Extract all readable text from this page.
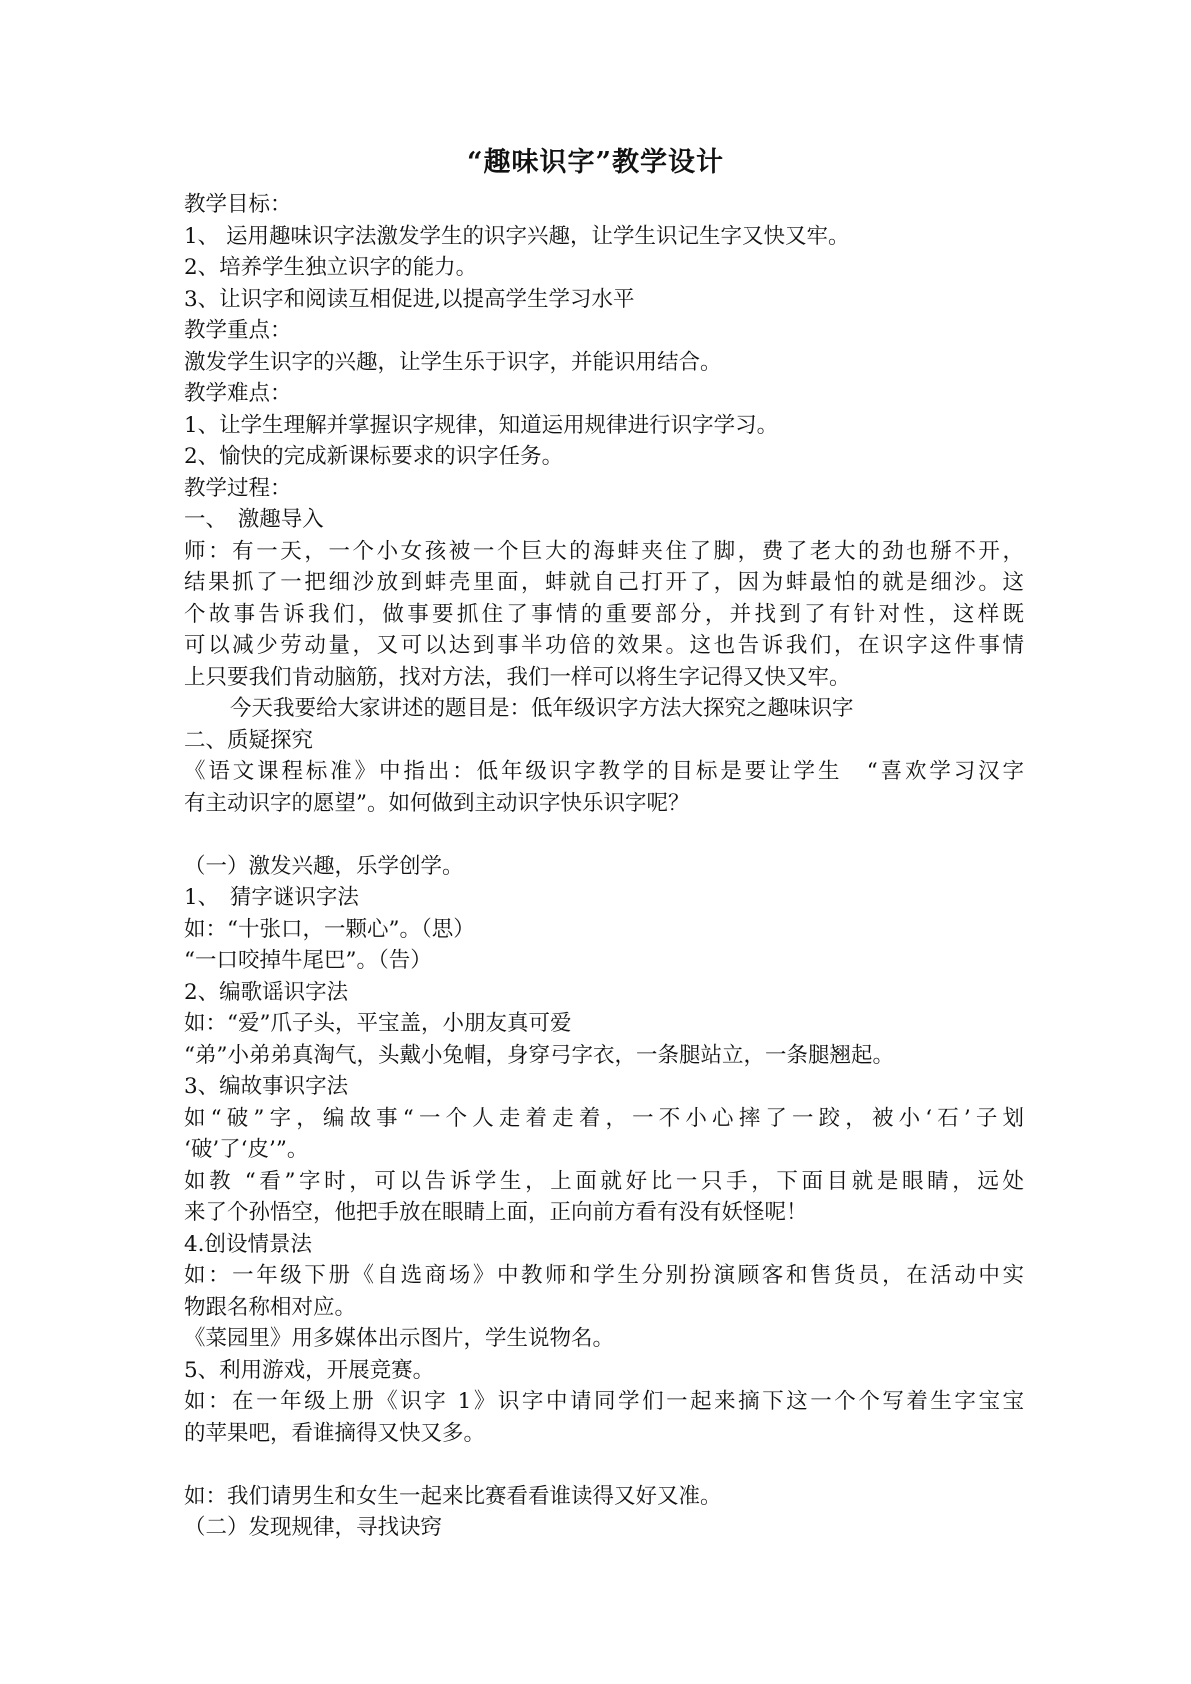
“趣味识字”教学设计
教学目标：
1、 运用趣味识字法激发学生的识字兴趣，让学生识记生字又快又牢。
2、培养学生独立识字的能力。
3、让识字和阅读互相促进,以提高学生学习水平
教学重点：
激发学生识字的兴趣，让学生乐于识字，并能识用结合。
教学难点：
1、让学生理解并掌握识字规律，知道运用规律进行识字学习。
2、愉快的完成新课标要求的识字任务。
教学过程：
一、　激趣导入
师：有一天，一个小女孩被一个巨大的海蚌夹住了脚，费了老大的劲也掰不开，
结果抓了一把细沙放到蚌壳里面，蚌就自己打开了，因为蚌最怕的就是细沙。这
个故事告诉我们，做事要抓住了事情的重要部分，并找到了有针对性，这样既
可以减少劳动量，又可以达到事半功倍的效果。这也告诉我们，在识字这件事情
上只要我们肯动脑筋，找对方法，我们一样可以将生字记得又快又牢。
今天我要给大家讲述的题目是：低年级识字方法大探究之趣味识字
二、质疑探究
《语文课程标准》中指出：低年级识字教学的目标是要让学生　“喜欢学习汉字
有主动识字的愿望”。如何做到主动识字快乐识字呢？
（一）激发兴趣，乐学创学。
1、　猜字谜识字法
如：“十张口，一颗心”。（思）
“一口咬掉牛尾巴”。（告）
2、编歌谣识字法
如：“爱”爪子头，平宝盖，小朋友真可爱
“弟”小弟弟真淘气，头戴小兔帽，身穿弓字衣，一条腿站立，一条腿翘起。
3、编故事识字法
如“破”字，编故事“一个人走着走着，一不小心摔了一跤，被小‘石’子划
‘破’了‘皮’”。
如教 “看”字时，可以告诉学生，上面就好比一只手，下面目就是眼睛，远处
来了个孙悟空，他把手放在眼睛上面，正向前方看有没有妖怪呢！
4.创设情景法
如：一年级下册《自选商场》中教师和学生分别扮演顾客和售货员，在活动中实
物跟名称相对应。
《菜园里》用多媒体出示图片，学生说物名。
5、利用游戏，开展竞赛。
如：在一年级上册《识字 1》识字中请同学们一起来摘下这一个个写着生字宝宝
的苹果吧，看谁摘得又快又多。
如：我们请男生和女生一起来比赛看看谁读得又好又准。
（二）发现规律，寻找诀窍
